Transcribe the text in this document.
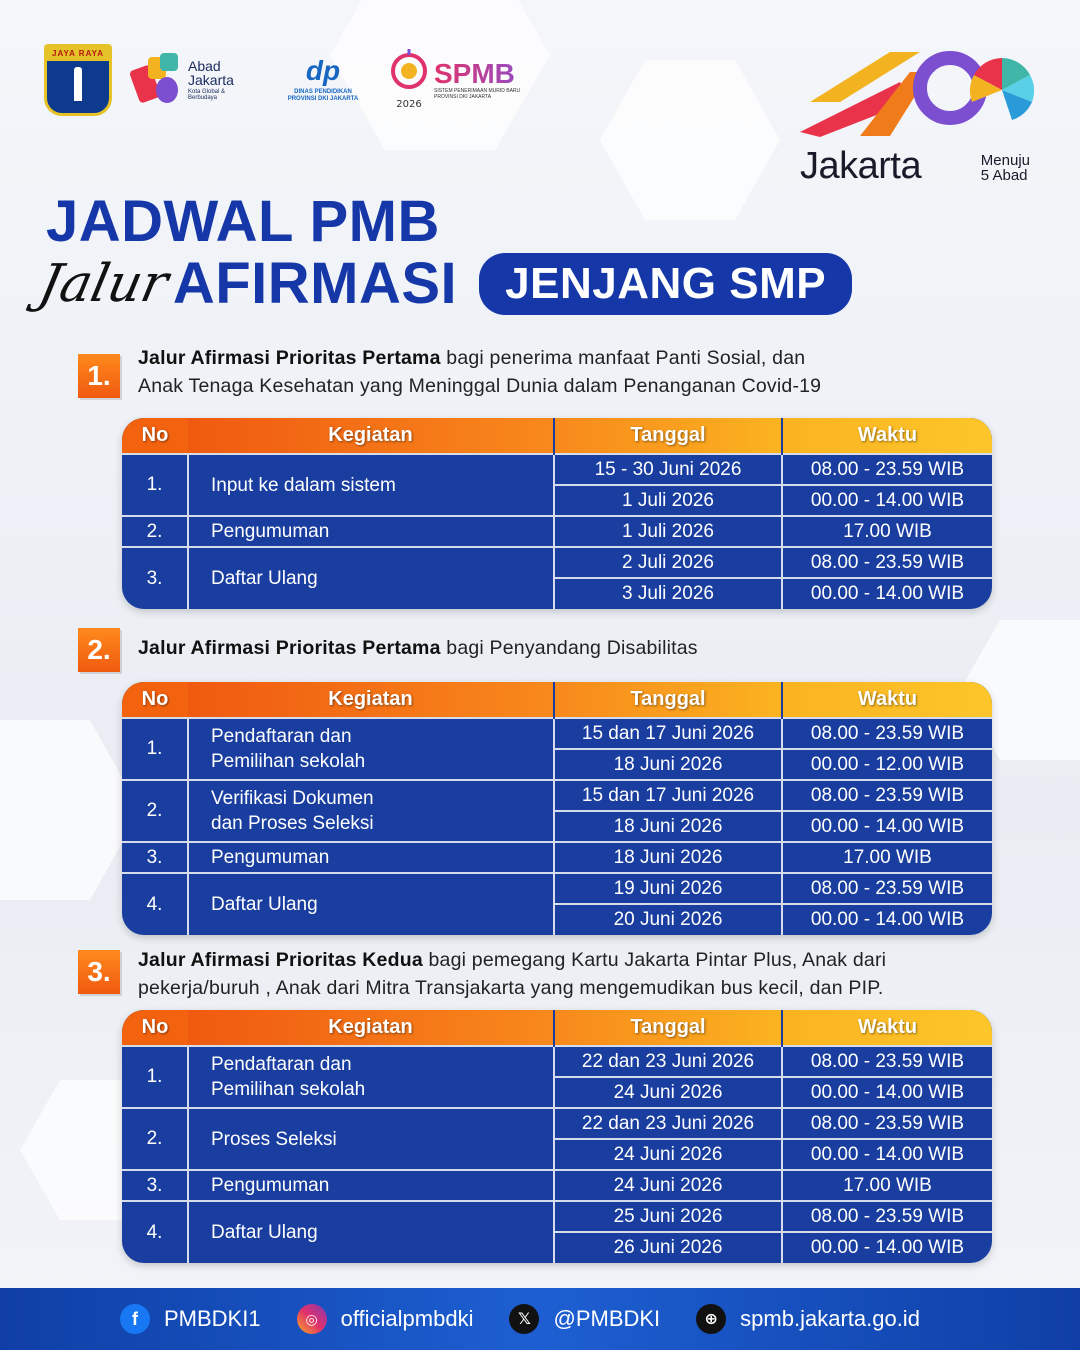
JAYA RAYA
Abad Jakarta
Kota Global & Berbudaya
dp
DINAS PENDIDIKAN PROVINSI DKI JAKARTA	2026
SPMB
SISTEM PENERIMAAN MURID BARU PROVINSI DKI JAKARTA
Jakarta	Menuju
5 Abad
JADWAL PMB
Jalur AFIRMASI	JENJANG SMP
1.
Jalur Afirmasi Prioritas Pertama bagi penerima manfaat Panti Sosial, dan
Anak Tenaga Kesehatan yang Meninggal Dunia dalam Penanganan Covid-19
No	Kegiatan	Tanggal	Waktu
1.	Input ke dalam sistem	15 - 30 Juni 2026	08.00 - 23.59 WIB
		1 Juli 2026	00.00 - 14.00 WIB
2.	Pengumuman	1 Juli 2026	17.00 WIB
3.	Daftar Ulang	2 Juli 2026	08.00 - 23.59 WIB
		3 Juli 2026	00.00 - 14.00 WIB
2.	Jalur Afirmasi Prioritas Pertama bagi Penyandang Disabilitas
No	Kegiatan	Tanggal	Waktu
1.	Pendaftaran dan
Pemilihan sekolah	15 dan 17 Juni 2026	08.00 - 23.59 WIB
		18 Juni 2026	00.00 - 12.00 WIB
2.	Verifikasi Dokumen
dan Proses Seleksi	15 dan 17 Juni 2026	08.00 - 23.59 WIB
		18 Juni 2026	00.00 - 14.00 WIB
3.	Pengumuman	18 Juni 2026	17.00 WIB
4.	Daftar Ulang	19 Juni 2026	08.00 - 23.59 WIB
		20 Juni 2026	00.00 - 14.00 WIB
3.	Jalur Afirmasi Prioritas Kedua bagi pemegang Kartu Jakarta Pintar Plus, Anak dari
pekerja/buruh , Anak dari Mitra Transjakarta yang mengemudikan bus kecil, dan PIP.
No	Kegiatan	Tanggal	Waktu
1.	Pendaftaran dan
Pemilihan sekolah	22 dan 23 Juni 2026	08.00 - 23.59 WIB
		24 Juni 2026	00.00 - 14.00 WIB
2.	Proses Seleksi	22 dan 23 Juni 2026	08.00 - 23.59 WIB
		24 Juni 2026	00.00 - 14.00 WIB
3.	Pengumuman	24 Juni 2026	17.00 WIB
4.	Daftar Ulang	25 Juni 2026	08.00 - 23.59 WIB
		26 Juni 2026	00.00 - 14.00 WIB
f	PMBDKI1	◎	officialpmbdki	𝕏	@PMBDKI	⊕	spmb.jakarta.go.id
